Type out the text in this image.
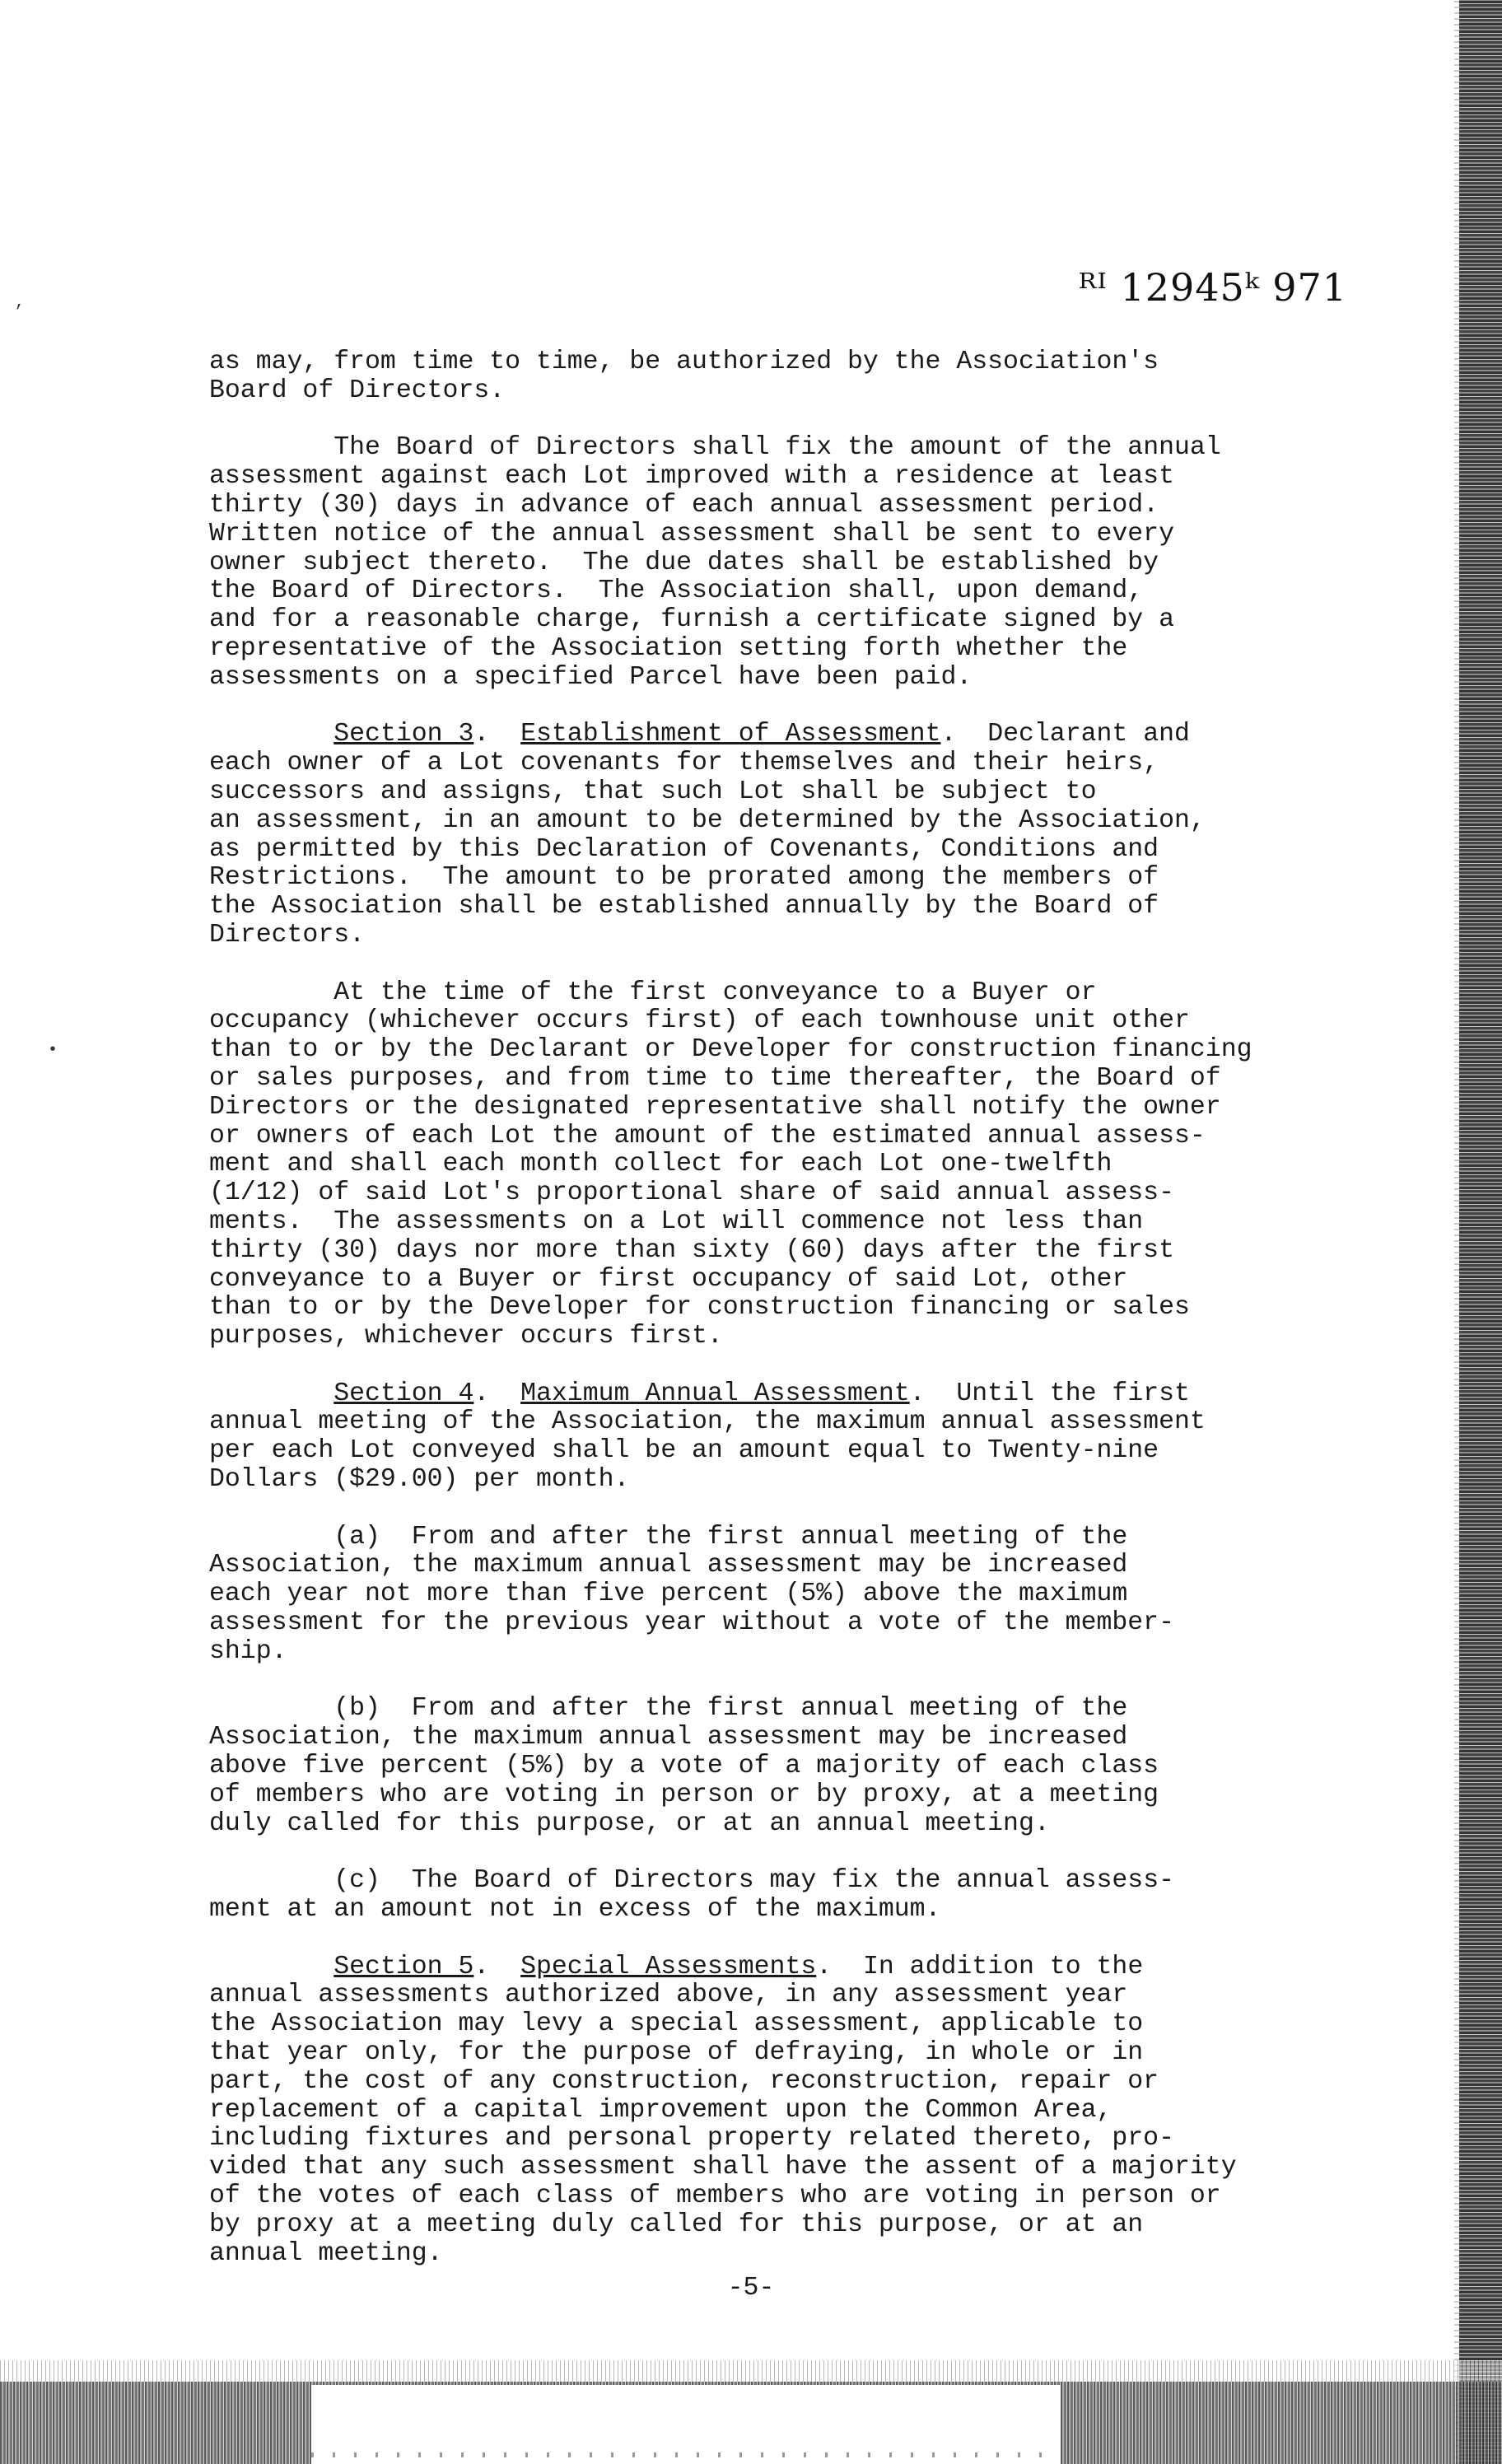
ᴿᴵ 12945ᵏ 971

as may, from time to time, be authorized by the Association's
Board of Directors.

The Board of Directors shall fix the amount of the annual
assessment against each Lot improved with a residence at least
thirty (30) days in advance of each annual assessment period.
Written notice of the annual assessment shall be sent to every
owner subject thereto.  The due dates shall be established by
the Board of Directors.  The Association shall, upon demand,
and for a reasonable charge, furnish a certificate signed by a
representative of the Association setting forth whether the
assessments on a specified Parcel have been paid.

Section 3.  Establishment of Assessment.  Declarant and
each owner of a Lot covenants for themselves and their heirs,
successors and assigns, that such Lot shall be subject to
an assessment, in an amount to be determined by the Association,
as permitted by this Declaration of Covenants, Conditions and
Restrictions.  The amount to be prorated among the members of
the Association shall be established annually by the Board of
Directors.

At the time of the first conveyance to a Buyer or
occupancy (whichever occurs first) of each townhouse unit other
than to or by the Declarant or Developer for construction financing
or sales purposes, and from time to time thereafter, the Board of
Directors or the designated representative shall notify the owner
or owners of each Lot the amount of the estimated annual assess-
ment and shall each month collect for each Lot one-twelfth
(1/12) of said Lot's proportional share of said annual assess-
ments.  The assessments on a Lot will commence not less than
thirty (30) days nor more than sixty (60) days after the first
conveyance to a Buyer or first occupancy of said Lot, other
than to or by the Developer for construction financing or sales
purposes, whichever occurs first.

Section 4.  Maximum Annual Assessment.  Until the first
annual meeting of the Association, the maximum annual assessment
per each Lot conveyed shall be an amount equal to Twenty-nine
Dollars ($29.00) per month.

(a)  From and after the first annual meeting of the
Association, the maximum annual assessment may be increased
each year not more than five percent (5%) above the maximum
assessment for the previous year without a vote of the member-
ship.

(b)  From and after the first annual meeting of the
Association, the maximum annual assessment may be increased
above five percent (5%) by a vote of a majority of each class
of members who are voting in person or by proxy, at a meeting
duly called for this purpose, or at an annual meeting.

(c)  The Board of Directors may fix the annual assess-
ment at an amount not in excess of the maximum.

Section 5.  Special Assessments.  In addition to the
annual assessments authorized above, in any assessment year
the Association may levy a special assessment, applicable to
that year only, for the purpose of defraying, in whole or in
part, the cost of any construction, reconstruction, repair or
replacement of a capital improvement upon the Common Area,
including fixtures and personal property related thereto, pro-
vided that any such assessment shall have the assent of a majority
of the votes of each class of members who are voting in person or
by proxy at a meeting duly called for this purpose, or at an
annual meeting.

-5-
,
•
